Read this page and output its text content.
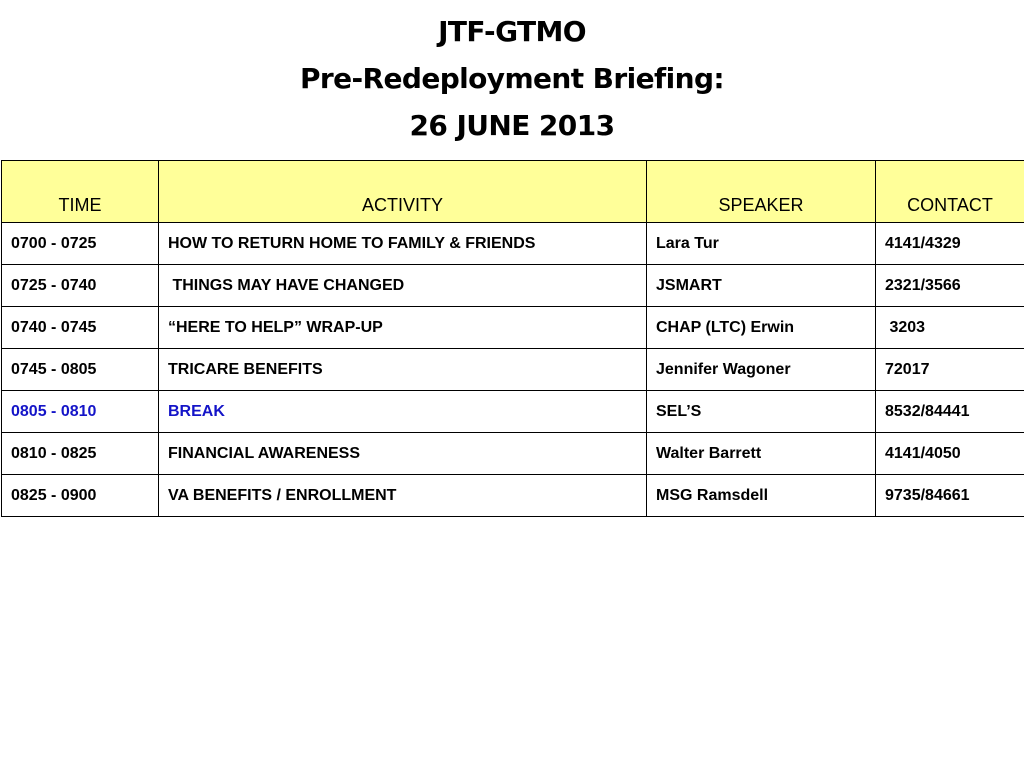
JTF-GTMO
Pre-Redeployment Briefing:
26 JUNE 2013
TIME	ACTIVITY	SPEAKER	CONTACT
0700 - 0725	HOW TO RETURN HOME TO FAMILY & FRIENDS	Lara Tur	4141/4329
0725 - 0740	THINGS MAY HAVE CHANGED	JSMART	2321/3566
0740 - 0745	“HERE TO HELP” WRAP-UP	CHAP (LTC) Erwin	3203
0745 - 0805	TRICARE BENEFITS	Jennifer Wagoner	72017
0805 - 0810	BREAK	SEL’S	8532/84441
0810 - 0825	FINANCIAL AWARENESS	Walter Barrett	4141/4050
0825 - 0900	VA BENEFITS / ENROLLMENT	MSG Ramsdell	9735/84661
